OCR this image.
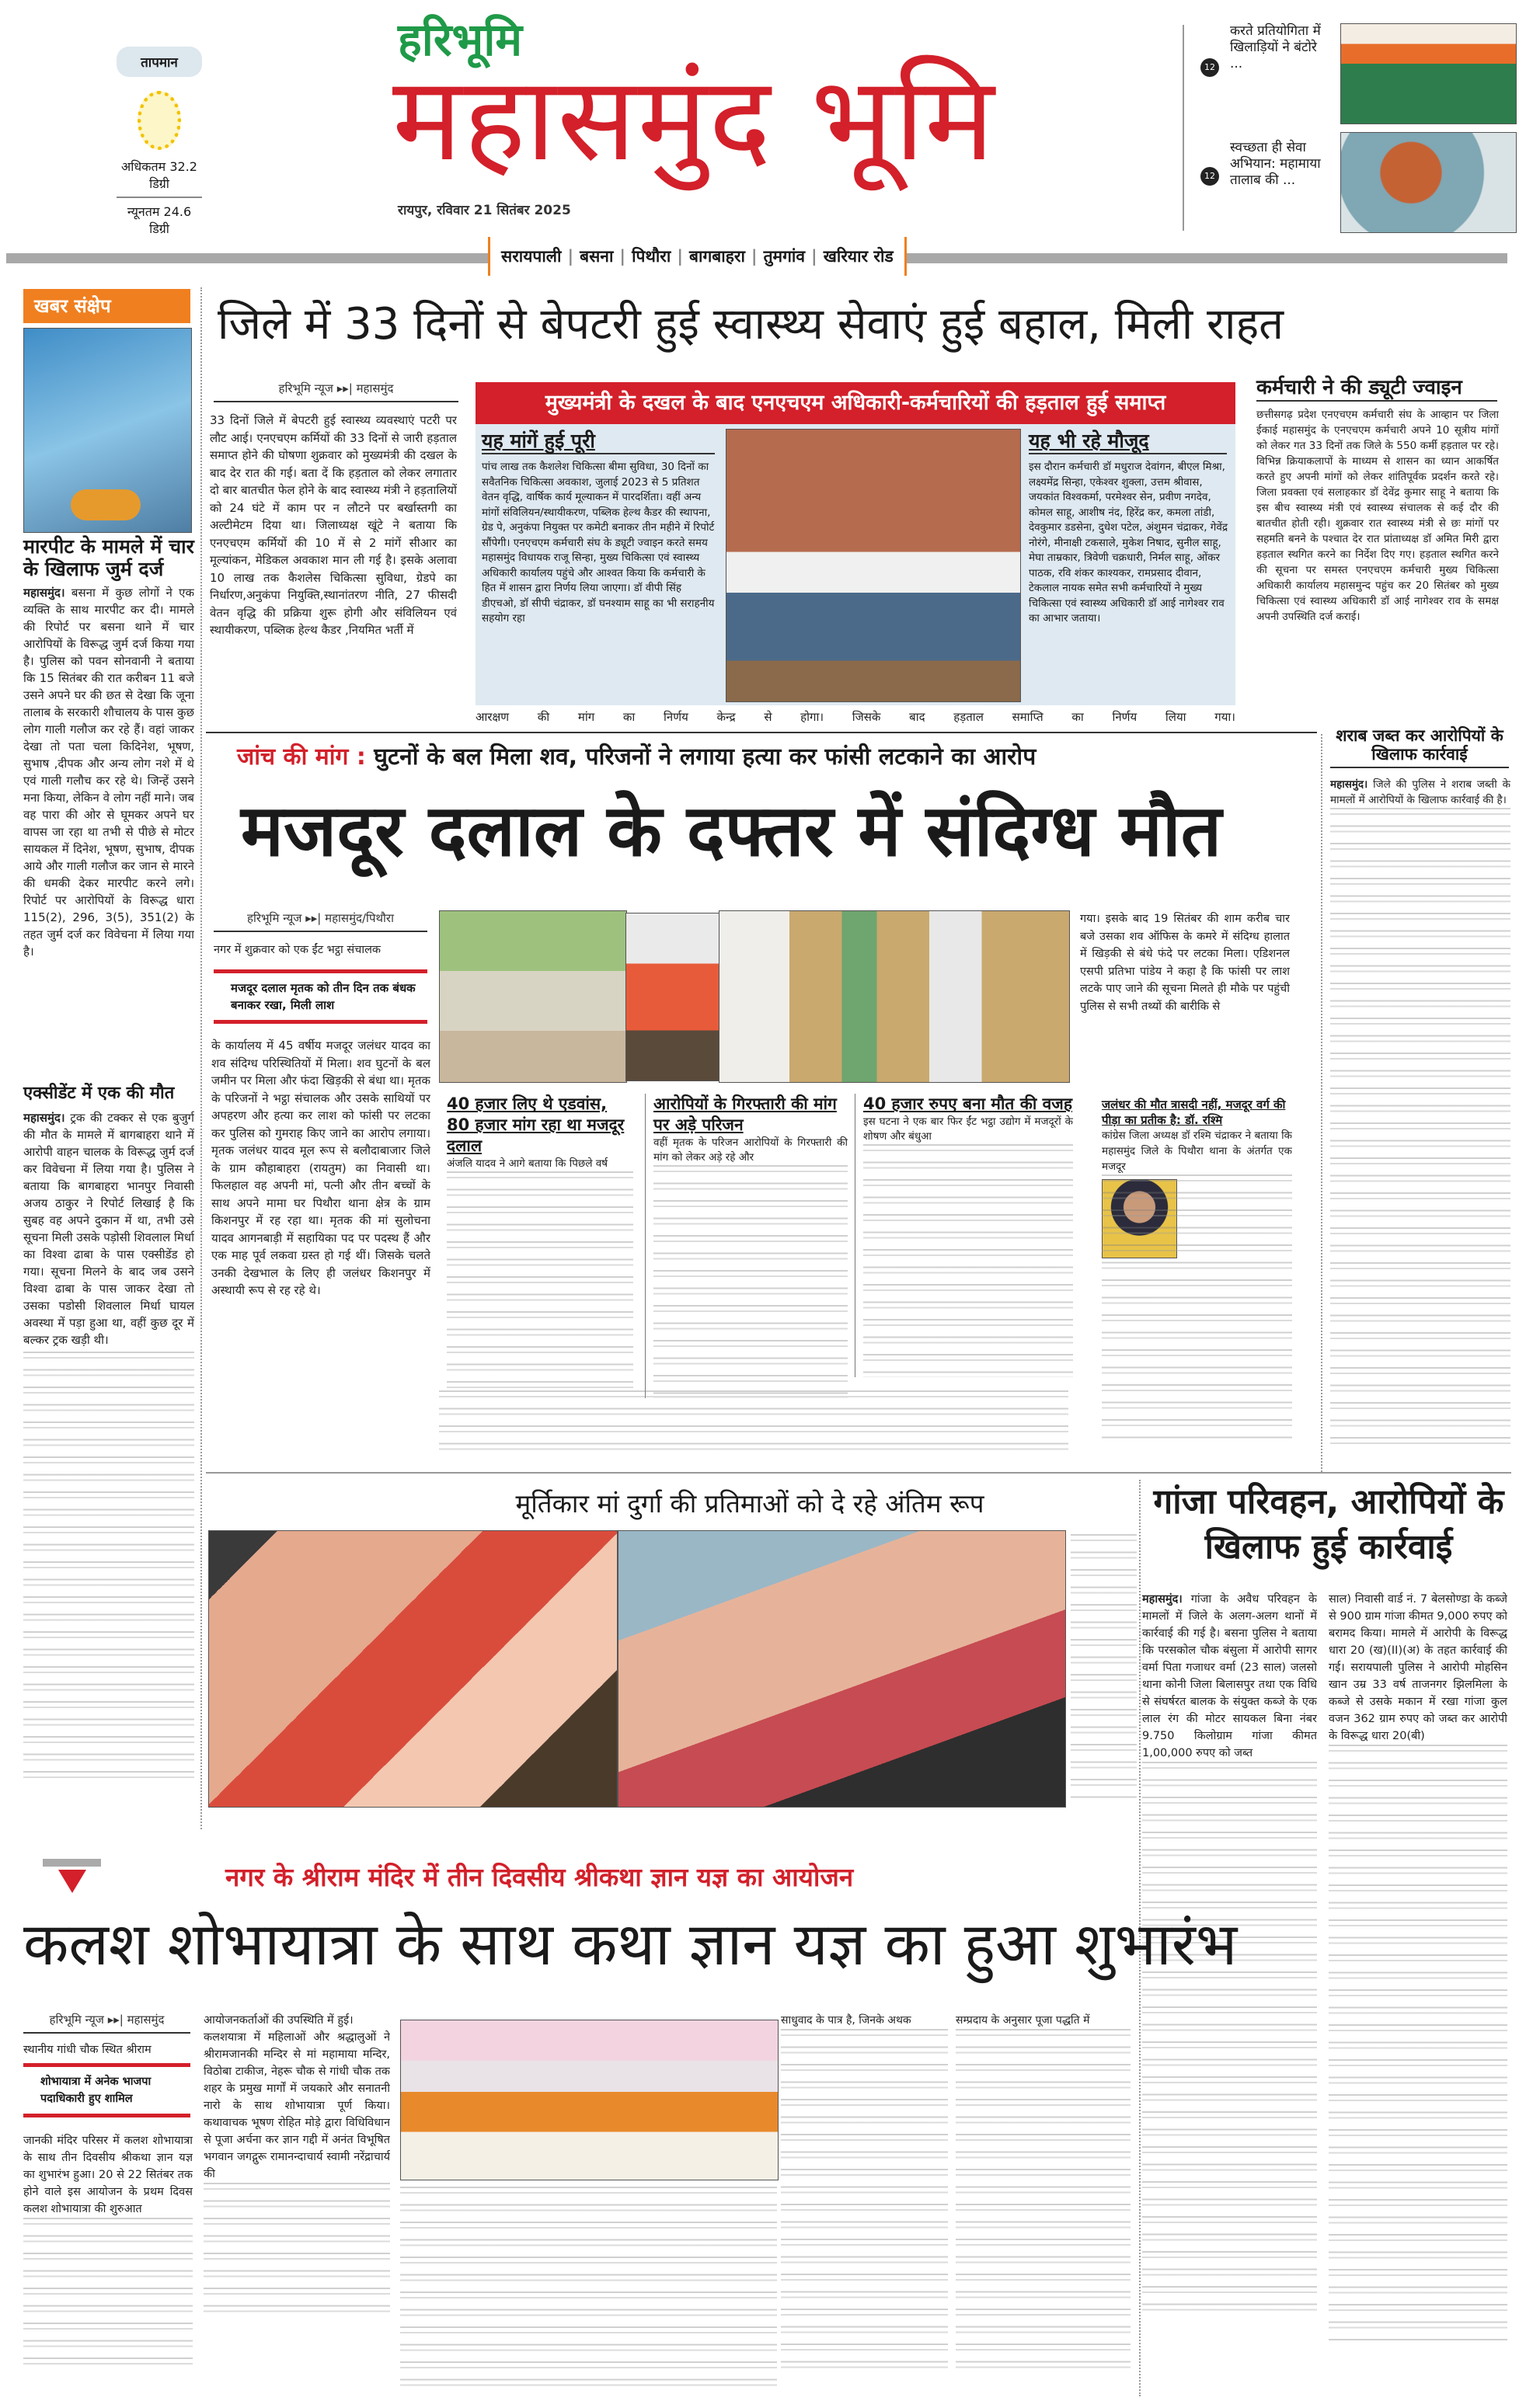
तापमान
अधिकतम 32.2 डिग्री
न्यूनतम 24.6 डिग्री
हरिभूमि
महासमुंद भूमि
रायपुर, रविवार 21 सितंबर 2025
12
करते प्रतियोगिता में खिलाड़ियों ने बंटोरे ...
12
स्वच्छता ही सेवा अभियान: महामाया तालाब की ...
सरायपाली | बसना | पिथौरा | बागबाहरा | तुमगांव | खरियार रोड
खबर संक्षेप
मारपीट के मामले में चार के खिलाफ जुर्म दर्ज
महासमुंद। बसना में कुछ लोगों ने एक व्यक्ति के साथ मारपीट कर दी। मामले की रिपोर्ट पर बसना थाने में चार आरोपियों के विरूद्ध जुर्म दर्ज किया गया है। पुलिस को पवन सोनवानी ने बताया कि 15 सितंबर की रात करीबन 11 बजे उसने अपने घर की छत से देखा कि जूना तालाब के सरकारी शौचालय के पास कुछ लोग गाली गलौज कर रहे हैं। वहां जाकर देखा तो पता चला किदिनेश, भूषण, सुभाष ,दीपक और अन्य लोग नशे में थे एवं गाली गलौच कर रहे थे। जिन्हें उसने मना किया, लेकिन वे लोग नहीं माने। जब वह पारा की ओर से घूमकर अपने घर वापस जा रहा था तभी से पीछे से मोटर सायकल में दिनेश, भूषण, सुभाष, दीपक आये और गाली गलौज कर जान से मारने की धमकी देकर मारपीट करने लगे। रिपोर्ट पर आरोपियों के विरूद्ध धारा 115(2), 296, 3(5), 351(2) के तहत जुर्म दर्ज कर विवेचना में लिया गया है।
एक्सीडेंट में एक की मौत
महासमुंद। ट्रक की टक्कर से एक बुजुर्ग की मौत के मामले में बागबाहरा थाने में आरोपी वाहन चालक के विरूद्ध जुर्म दर्ज कर विवेचना में लिया गया है। पुलिस ने बताया कि बागबाहरा भानपुर निवासी अजय ठाकुर ने रिपोर्ट लिखाई है कि सुबह वह अपने दुकान में था, तभी उसे सूचना मिली उसके पड़ोसी शिवलाल मिर्धा का विश्वा ढाबा के पास एक्सीडेंड हो गया। सूचना मिलने के बाद जब उसने विश्वा ढाबा के पास जाकर देखा तो उसका पडोसी शिवलाल मिर्धा घायल अवस्था में पड़ा हुआ था, वहीं कुछ दूर में बल्कर ट्रक खड़ी थी।
जिले में 33 दिनों से बेपटरी हुई स्वास्थ्य सेवाएं हुई बहाल, मिली राहत
हरिभूमि न्यूज ▸▸| महासमुंद
33 दिनों जिले में बेपटरी हुई स्वास्थ्य व्यवस्थाएं पटरी पर लौट आई। एनएचएम कर्मियों की 33 दिनों से जारी हड़ताल समाप्त होने की घोषणा शुक्रवार को मुख्यमंत्री की दखल के बाद देर रात की गई। बता दें कि हड़ताल को लेकर लगातार दो बार बातचीत फेल होने के बाद स्वास्थ्य मंत्री ने हड़तालियों को 24 घंटे में काम पर न लौटने पर बर्खास्तगी का अल्टीमेटम दिया था। जिलाध्यक्ष खूंटे ने बताया कि एनएचएम कर्मियों की 10 में से 2 मांगें सीआर का मूल्यांकन, मेडिकल अवकाश मान ली गई है। इसके अलावा 10 लाख तक कैशलेस चिकित्सा सुविधा, ग्रेडपे का निर्धारण,अनुकंपा नियुक्ति,स्थानांतरण नीति, 27 फीसदी वेतन वृद्धि की प्रक्रिया शुरू होगी और संविलियन एवं स्थायीकरण, पब्लिक हेल्थ कैडर ,नियमित भर्ती में
मुख्यमंत्री के दखल के बाद एनएचएम अधिकारी-कर्मचारियों की हड़ताल हुई समाप्त
यह मांगें हुई पूरी
पांच लाख तक कैशलेश चिकित्सा बीमा सुविधा, 30 दिनों का सवैतनिक चिकित्सा अवकाश, जुलाई 2023 से 5 प्रतिशत वेतन वृद्धि, वार्षिक कार्य मूल्याकन में पारदर्शिता। वहीं अन्य मांगों संविलियन/स्थायीकरण, पब्लिक हेल्थ कैडर की स्थापना, ग्रेड पे, अनुकंपा नियुक्त पर कमेटी बनाकर तीन महीने में रिपोर्ट सौंपेगी। एनएचएम कर्मचारी संघ के ड्यूटी ज्वाइन करते समय महासमुंद विधायक राजू सिन्हा, मुख्य चिकित्सा एवं स्वास्थ्य अधिकारी कार्यालय पहुंचे और आश्वत किया कि कर्मचारी के हित में शासन द्वारा निर्णय लिया जाएगा। डॉ वीपी सिंह डीएचओ, डॉ सीपी चंद्राकर, डॉ घनश्याम साहू का भी सराहनीय सहयोग रहा
यह भी रहे मौजूद
इस दौरान कर्मचारी डॉ मधुराज देवांगन, बीएल मिश्रा, लक्ष्यमेंद्र सिन्हा, एकेश्वर शुक्ला, उत्तम श्रीवास, जयकांत विश्वकर्मा, परमेश्वर सेन, प्रवीण नगदेव, कोमल साहू, आशीष नंद, हिरेंद्र कर, कमला तांडी, देवकुमार डडसेना, दुधेश पटेल, अंशुमन चंद्राकर, गेवेंद्र नोरंगे, मीनाक्षी टकसाले, मुकेश निषाद, सुनील साहू, मेघा ताम्रकार, त्रिवेणी चक्रधारी, निर्मल साहू, ओंकर पाठक, रवि शंकर काश्यकर, रामप्रसाद दीवान, टेकलाल नायक समेत सभी कर्मचारियों ने मुख्य चिकित्सा एवं स्वास्थ्य अधिकारी डॉ आई नागेश्वर राव का आभार जताया।
आरक्षण की मांग का निर्णय केन्द्र से होगा। जिसके बाद हड़ताल समाप्ति का निर्णय लिया गया।
कर्मचारी ने की ड्यूटी ज्वाइन
छत्तीसगढ़ प्रदेश एनएचएम कर्मचारी संघ के आव्हान पर जिला ईकाई महासमुंद के एनएचएम कर्मचारी अपने 10 सूत्रीय मांगों को लेकर गत 33 दिनों तक जिले के 550 कर्मी हड़ताल पर रहे। विभिन्न क्रियाकलापों के माध्यम से शासन का ध्यान आकर्षित करते हुए अपनी मांगों को लेकर शांतिपूर्वक प्रदर्शन करते रहे। जिला प्रवक्ता एवं सलाहकार डॉ देवेंद्र कुमार साहू ने बताया कि इस बीच स्वास्थ्य मंत्री एवं स्वास्थ्य संचालक से कई दौर की बातचीत होती रही। शुक्रवार रात स्वास्थ्य मंत्री से छः मांगों पर सहमति बनने के पश्चात देर रात प्रांताध्यक्ष डॉ अमित मिरी द्वारा हड़ताल स्थगित करने का निर्देश दिए गए। हड़ताल स्थगित करने की सूचना पर समस्त एनएचएम कर्मचारी मुख्य चिकित्सा अधिकारी कार्यालय महासमुन्द पहुंच कर 20 सितंबर को मुख्य चिकित्सा एवं स्वास्थ्य अधिकारी डॉ आई नागेश्वर राव के समक्ष अपनी उपस्थिति दर्ज कराई।
जांच की मांग : घुटनों के बल मिला शव, परिजनों ने लगाया हत्या कर फांसी लटकाने का आरोप
मजदूर दलाल के दफ्तर में संदिग्ध मौत
हरिभूमि न्यूज ▸▸| महासमुंद/पिथौरा
नगर में शुक्रवार को एक ईंट भट्ठा संचालक
मजदूर दलाल मृतक को तीन दिन तक बंधक बनाकर रखा, मिली लाश
के कार्यालय में 45 वर्षीय मजदूर जलंधर यादव का शव संदिग्ध परिस्थितियों में मिला। शव घुटनों के बल जमीन पर मिला और फंदा खिड़की से बंधा था। मृतक के परिजनों ने भट्ठा संचालक और उसके साथियों पर अपहरण और हत्या कर लाश को फांसी पर लटका कर पुलिस को गुमराह किए जाने का आरोप लगाया। मृतक जलंधर यादव मूल रूप से बलौदाबाजार जिले के ग्राम कौहाबाहरा (रायतुम) का निवासी था। फिलहाल वह अपनी मां, पत्नी और तीन बच्चों के साथ अपने मामा घर पिथौरा थाना क्षेत्र के ग्राम किशनपुर में रह रहा था। मृतक की मां सुलोचना यादव आगनबाड़ी में सहायिका पद पर पदस्थ हैं और एक माह पूर्व लकवा ग्रस्त हो गई थीं। जिसके चलते उनकी देखभाल के लिए ही जलंधर किशनपुर में अस्थायी रूप से रह रहे थे।
गया। इसके बाद 19 सितंबर की शाम करीब चार बजे उसका शव ऑफिस के कमरे में संदिग्ध हालात में खिड़की से बंधे फंदे पर लटका मिला। एडिशनल एसपी प्रतिभा पांडेय ने कहा है कि फांसी पर लाश लटके पाए जाने की सूचना मिलते ही मौके पर पहुंची पुलिस से सभी तथ्यों की बारीकि से
40 हजार लिए थे एडवांस, 80 हजार मांग रहा था मजदूर दलाल
अंजलि यादव ने आगे बताया कि पिछले वर्ष
आरोपियों के गिरफ्तारी की मांग पर अड़े परिजन
वहीं मृतक के परिजन आरोपियों के गिरफ्तारी की मांग को लेकर अड़े रहे और
40 हजार रुपए बना मौत की वजह
इस घटना ने एक बार फिर ईंट भट्ठा उद्योग में मजदूरों के शोषण और बंधुआ
जलंधर की मौत त्रासदी नहीं, मजदूर वर्ग की पीड़ा का प्रतीक है: डॉ. रश्मि
कांग्रेस जिला अध्यक्ष डॉ रश्मि चंद्राकर ने बताया कि महासमुंद जिले के पिथौरा थाना के अंतर्गत एक मजदूर
शराब जब्त कर आरोपियों के खिलाफ कार्रवाई
महासमुंद। जिले की पुलिस ने शराब जब्ती के मामलों में आरोपियों के खिलाफ कार्रवाई की है।
मूर्तिकार मां दुर्गा की प्रतिमाओं को दे रहे अंतिम रूप	गांजा परिवहन, आरोपियों के खिलाफ हुई कार्रवाई
महासमुंद। गांजा के अवैध परिवहन के मामलों में जिले के अलग-अलग थानों में कार्रवाई की गई है। बसना पुलिस ने बताया कि परसकोल चौक बंसुला में आरोपी सागर वर्मा पिता गजाधर वर्मा (23 साल) जलसो थाना कोनी जिला बिलासपुर तथा एक विधि से संघर्षरत बालक के संयुक्त कब्जे के एक लाल रंग की मोटर सायकल बिना नंबर 9.750 किलोग्राम गांजा कीमत 1,00,000 रुपए को जब्त
साल) निवासी वार्ड नं. 7 बेलसोण्डा के कब्जे से 900 ग्राम गांजा कीमत 9,000 रुपए को बरामद किया। मामले में आरोपी के विरूद्ध धारा 20 (ख)(II)(अ) के तहत कार्रवाई की गई। सरायपाली पुलिस ने आरोपी मोहसिन खान उम्र 33 वर्ष ताजनगर झिलमिला के कब्जे से उसके मकान में रखा गांजा कुल वजन 362 ग्राम रुपए को जब्त कर आरोपी के विरूद्ध धारा 20(बी)
नगर के श्रीराम मंदिर में तीन दिवसीय श्रीकथा ज्ञान यज्ञ का आयोजन
कलश शोभायात्रा के साथ कथा ज्ञान यज्ञ का हुआ शुभारंभ
हरिभूमि न्यूज ▸▸| महासमुंद
स्थानीय गांधी चौक स्थित श्रीराम
शोभायात्रा में अनेक भाजपा पदाधिकारी हुए शामिल
जानकी मंदिर परिसर में कलश शोभायात्रा के साथ तीन दिवसीय श्रीकथा ज्ञान यज्ञ का शुभारंभ हुआ। 20 से 22 सितंबर तक होने वाले इस आयोजन के प्रथम दिवस कलश शोभायात्रा की शुरुआत
आयोजनकर्ताओं की उपस्थिति में हुई।
कलशयात्रा में महिलाओं और श्रद्धालुओं ने श्रीरामजानकी मन्दिर से मां महामाया मन्दिर, विठोबा टाकीज, नेहरू चौक से गांधी चौक तक शहर के प्रमुख मार्गों में जयकारे और सनातनी नारो के साथ शोभायात्रा पूर्ण किया। कथावाचक भूषण रोहित मोड़े द्वारा विधिविधान से पूजा अर्चना कर ज्ञान गद्दी में अनंत विभूषित भगवान जगद्गुरू रामानन्दाचार्य स्वामी नरेंद्राचार्य की
साधुवाद के पात्र है, जिनके अथक	सम्प्रदाय के अनुसार पूजा पद्धति में
